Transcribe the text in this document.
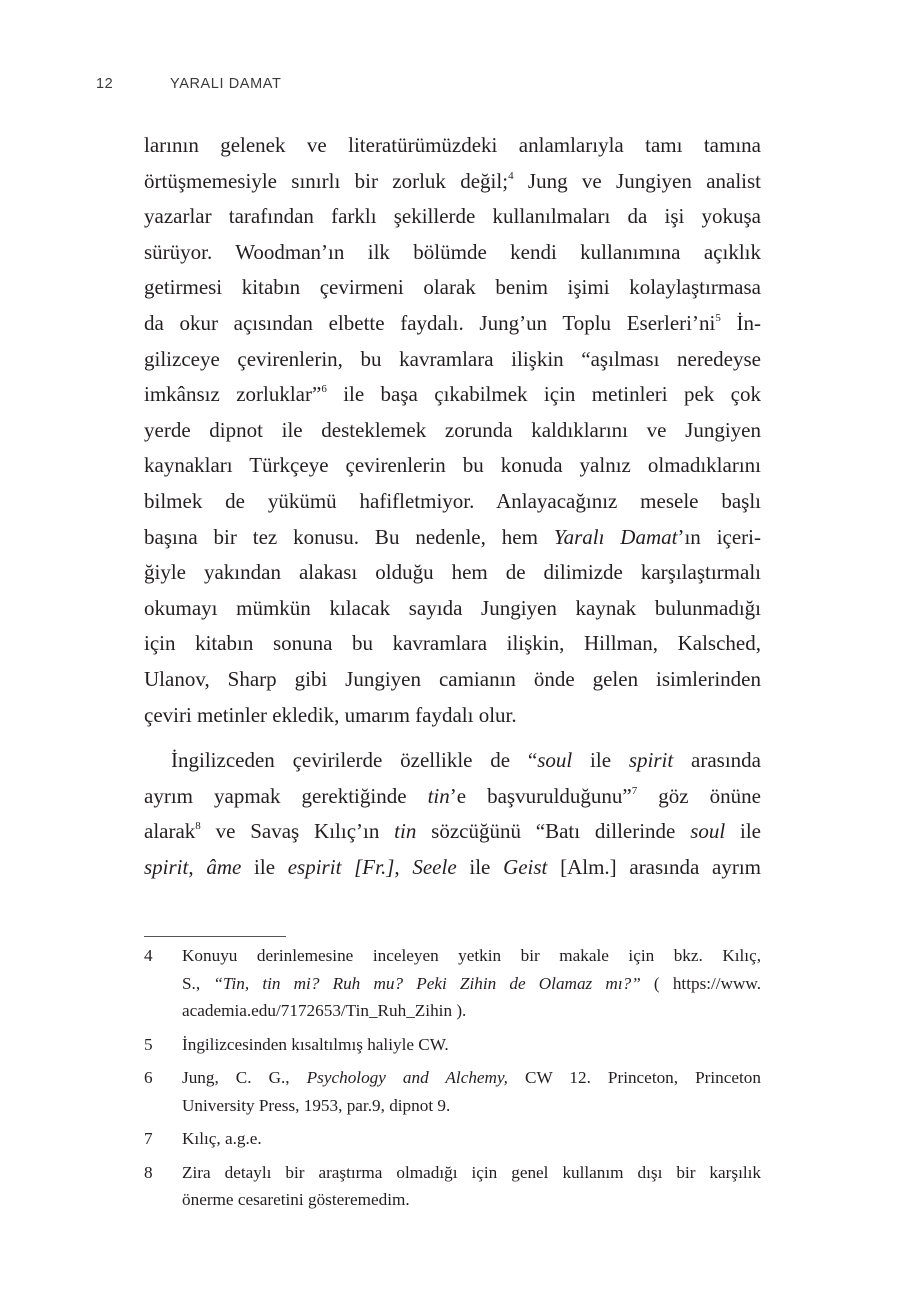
12	YARALI DAMAT
larının gelenek ve literatürümüzdeki anlamlarıyla tamı tamına
örtüşmemesiyle sınırlı bir zorluk değil;$^4$ Jung ve Jungiyen analist
yazarlar tarafından farklı şekillerde kullanılmaları da işi yokuşa
sürüyor. Woodman’ın ilk bölümde kendi kullanımına açıklık
getirmesi kitabın çevirmeni olarak benim işimi kolaylaştırmasa
da okur açısından elbette faydalı. Jung’un Toplu Eserleri’ni$^5$ İn-
gilizceye çevirenlerin, bu kavramlara ilişkin “aşılması neredeyse
imkânsız zorluklar”$^6$ ile başa çıkabilmek için metinleri pek çok
yerde dipnot ile desteklemek zorunda kaldıklarını ve Jungiyen
kaynakları Türkçeye çevirenlerin bu konuda yalnız olmadıklarını
bilmek de yükümü hafifletmiyor. Anlayacağınız mesele başlı
başına bir tez konusu. Bu nedenle, hem Yaralı Damat’ın içeri-
ğiyle yakından alakası olduğu hem de dilimizde karşılaştırmalı
okumayı mümkün kılacak sayıda Jungiyen kaynak bulunmadığı
için kitabın sonuna bu kavramlara ilişkin, Hillman, Kalsched,
Ulanov, Sharp gibi Jungiyen camianın önde gelen isimlerinden
çeviri metinler ekledik, umarım faydalı olur.
İngilizceden çevirilerde özellikle de “soul ile spirit arasında
ayrım yapmak gerektiğinde tin’e başvurulduğunu”$^7$ göz önüne
alarak$^8$ ve Savaş Kılıç’ın tin sözcüğünü “Batı dillerinde soul ile
spirit, âme ile espirit [Fr.], Seele ile Geist [Alm.] arasında ayrım
4 Konuyu derinlemesine inceleyen yetkin bir makale için bkz. Kılıç,
S., “Tin, tin mi? Ruh mu? Peki Zihin de Olamaz mı?” ( https://www.
academia.edu/7172653/Tin_Ruh_Zihin ).
5 İngilizcesinden kısaltılmış haliyle CW.
6 Jung, C. G., Psychology and Alchemy, CW 12. Princeton, Princeton
University Press, 1953, par.9, dipnot 9.
7 Kılıç, a.g.e.
8 Zira detaylı bir araştırma olmadığı için genel kullanım dışı bir karşılık
önerme cesaretini gösteremedim.
